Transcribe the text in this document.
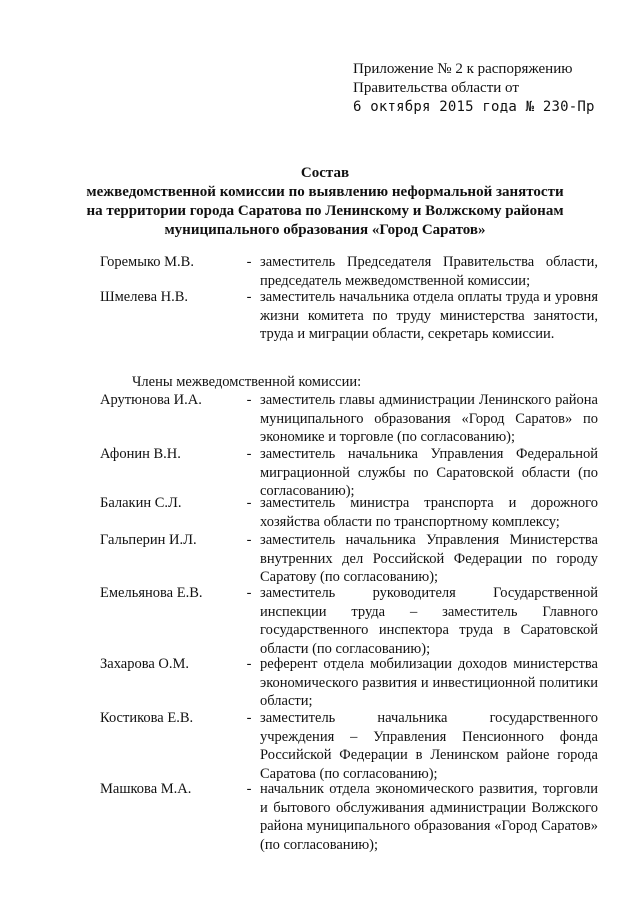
Приложение № 2 к распоряжению
Правительства области от
6 октября 2015 года № 230-Пр
Состав
межведомственной комиссии по выявлению неформальной занятости
на территории города Саратова по Ленинскому и Волжскому районам
муниципального образования «Город Саратов»
Горемыко М.В.	- заместитель Председателя Правительства области, председатель межведомственной комиссии;
Шмелева Н.В.	- заместитель начальника отдела оплаты труда и уровня жизни комитета по труду министерства занятости, труда и миграции области, секретарь комиссии.
Члены межведомственной комиссии:
Арутюнова И.А.	- заместитель главы администрации Ленинского района муниципального образования «Город Саратов» по экономике и торговле (по согласованию);
Афонин В.Н.	- заместитель начальника Управления Федеральной миграционной службы по Саратовской области (по согласованию);
Балакин С.Л.	- заместитель министра транспорта и дорожного хозяйства области по транспортному комплексу;
Гальперин И.Л.	- заместитель начальника Управления Министерства внутренних дел Российской Федерации по городу Саратову (по согласованию);
Емельянова Е.В.	- заместитель руководителя Государственной инспекции труда – заместитель Главного государственного инспектора труда в Саратовской области (по согласованию);
Захарова О.М.	- референт отдела мобилизации доходов министерства экономического развития и инвестиционной политики области;
Костикова Е.В.	- заместитель начальника государственного учреждения – Управления Пенсионного фонда Российской Федерации в Ленинском районе города Саратова (по согласованию);
Машкова М.А.	- начальник отдела экономического развития, торговли и бытового обслуживания администрации Волжского района муниципального образования «Город Саратов» (по согласованию);
